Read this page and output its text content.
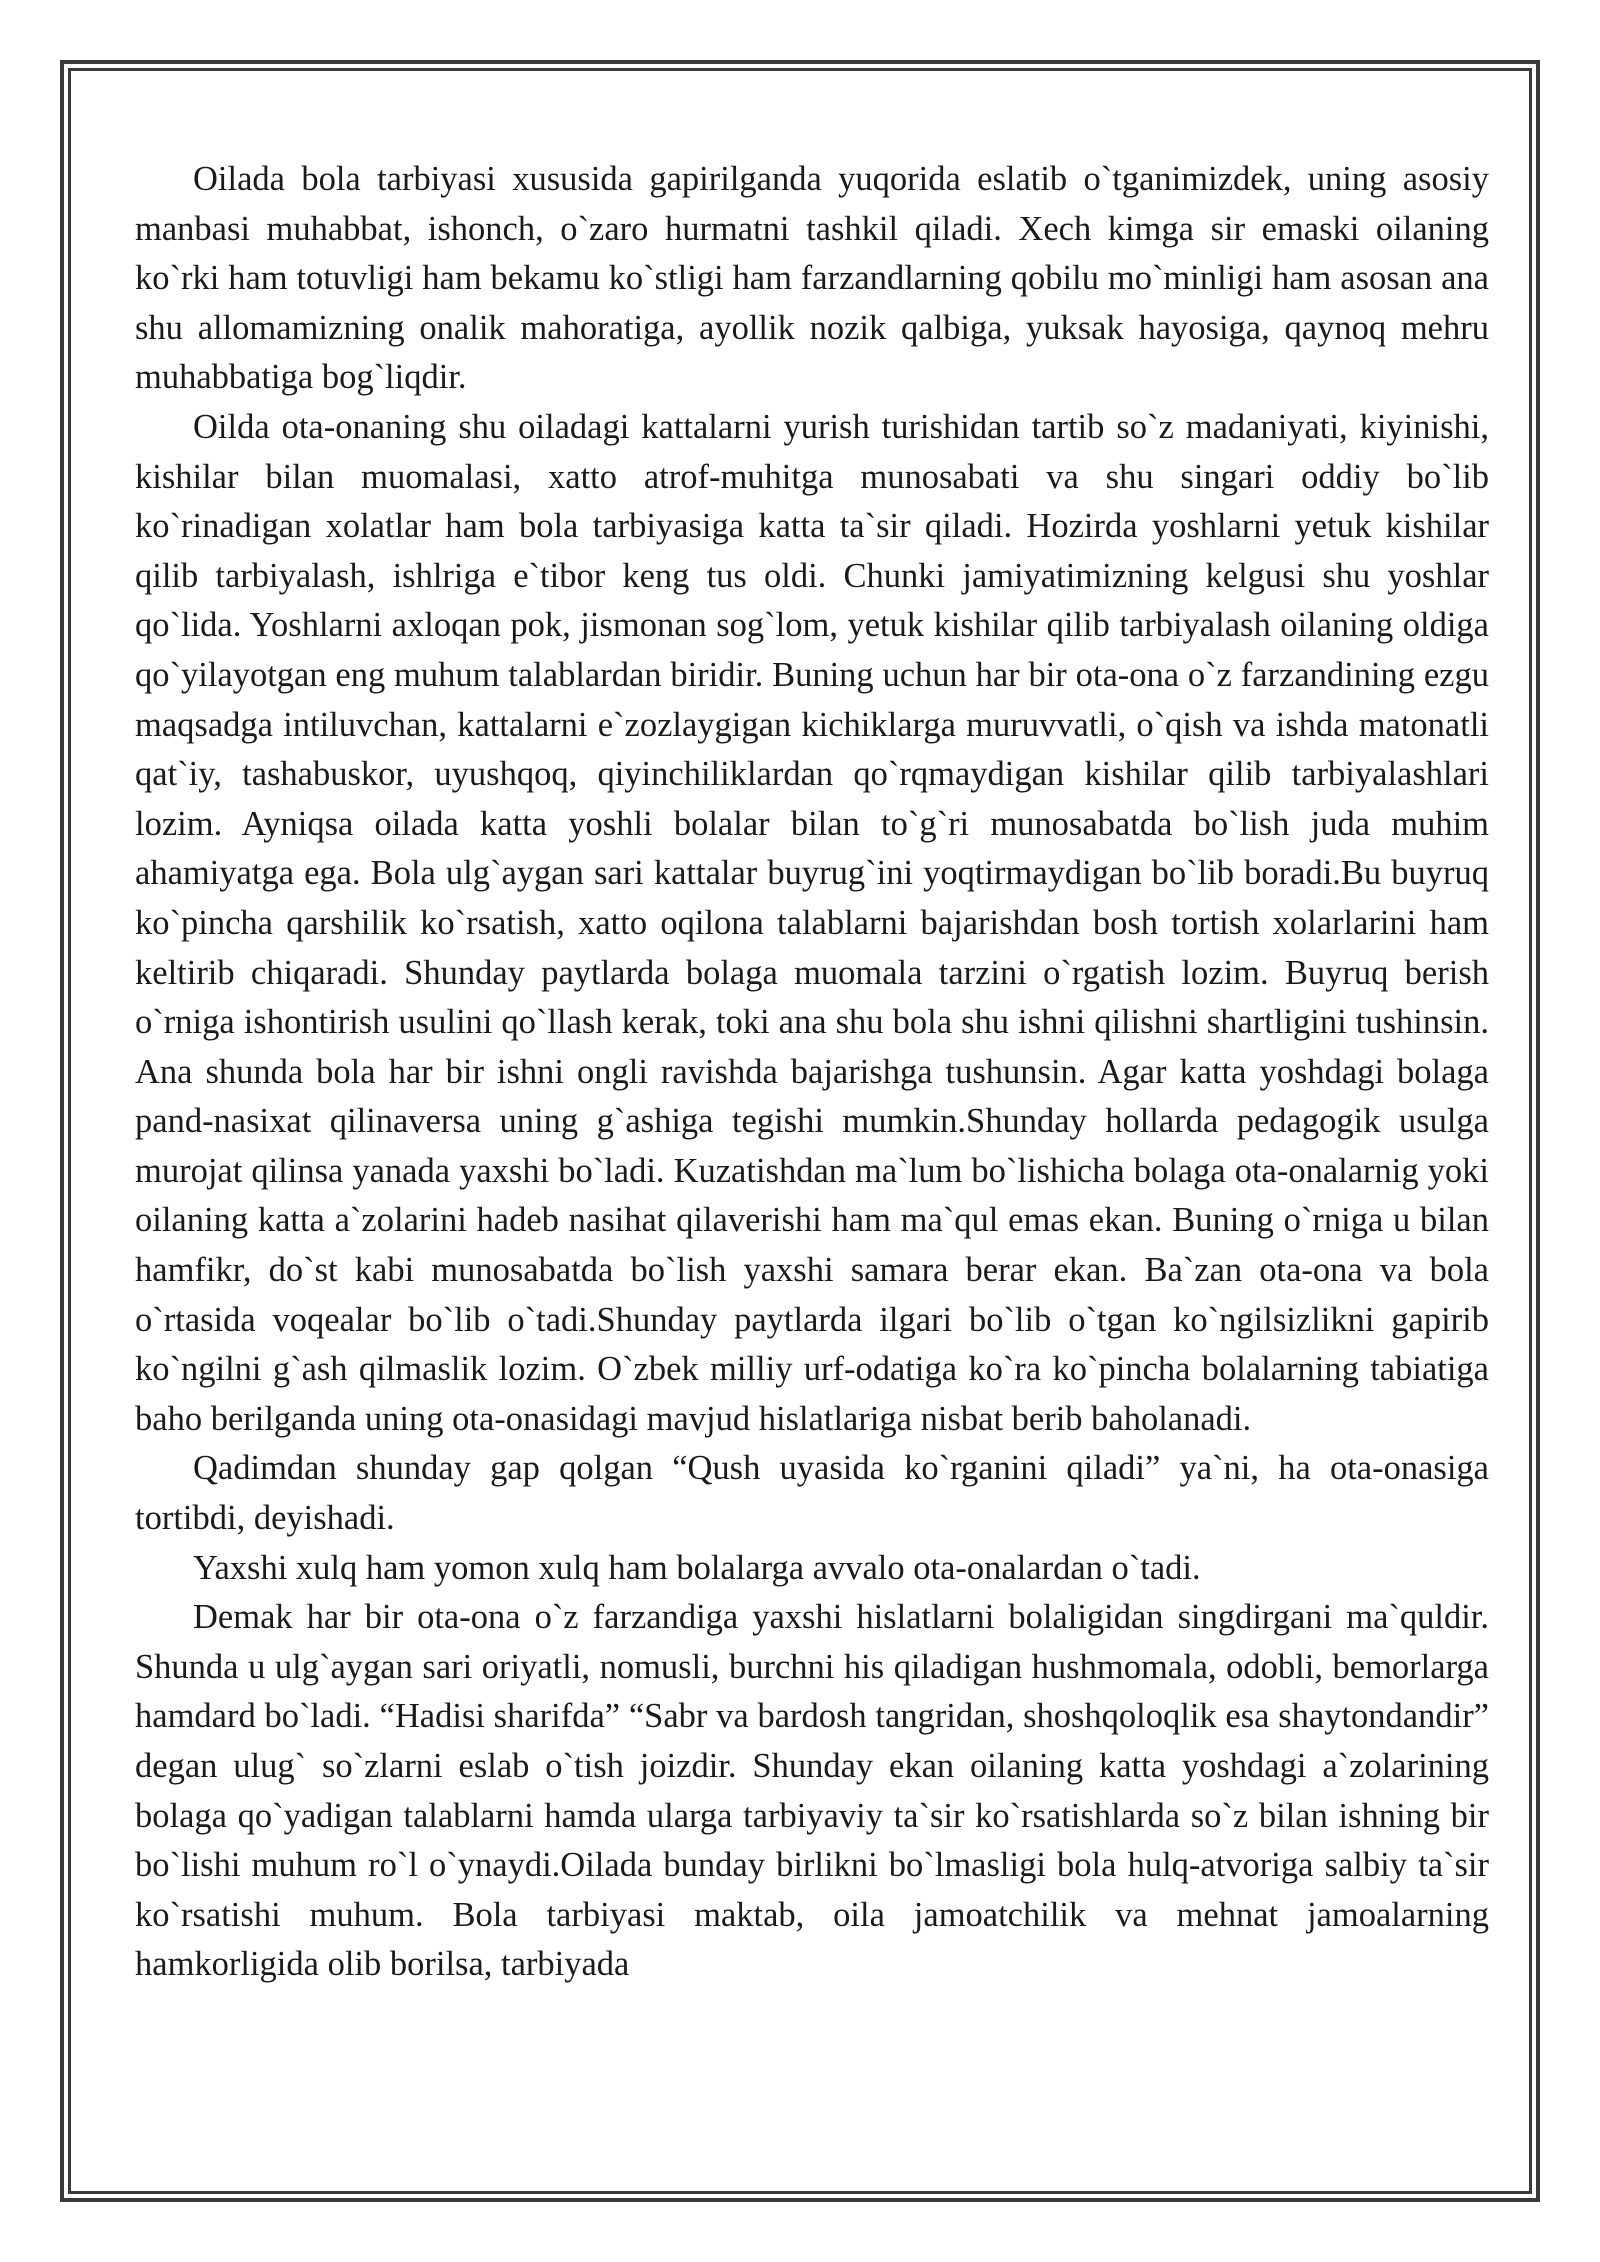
Oilada bola tarbiyasi xususida gapirilganda yuqorida eslatib o`tganimizdek, uning asosiy manbasi muhabbat, ishonch, o`zaro hurmatni tashkil qiladi. Xech kimga sir emaski oilaning ko`rki ham totuvligi ham bekamu ko`stligi ham farzandlarning qobilu mo`minligi ham asosan ana shu allomamizning onalik mahoratiga, ayollik nozik qalbiga, yuksak hayosiga, qaynoq mehru muhabbatiga bog`liqdir.

Oilda ota-onaning shu oiladagi kattalarni yurish turishidan tartib so`z madaniyati, kiyinishi, kishilar bilan muomalasi, xatto atrof-muhitga munosabati va shu singari oddiy bo`lib ko`rinadigan xolatlar ham bola tarbiyasiga katta ta`sir qiladi. Hozirda yoshlarni yetuk kishilar qilib tarbiyalash, ishlriga e`tibor keng tus oldi. Chunki jamiyatimizning kelgusi shu yoshlar qo`lida. Yoshlarni axloqan pok, jismonan sog`lom, yetuk kishilar qilib tarbiyalash oilaning oldiga qo`yilayotgan eng muhum talablardan biridir. Buning uchun har bir ota-ona o`z farzandining ezgu maqsadga intiluvchan, kattalarni e`zozlaygigan kichiklarga muruvvatli, o`qish va ishda matonatli qat`iy, tashabuskor, uyushqoq, qiyinchiliklardan qo`rqmaydigan kishilar qilib tarbiyalashlari lozim. Ayniqsa oilada katta yoshli bolalar bilan to`g`ri munosabatda bo`lish juda muhim ahamiyatga ega. Bola ulg`aygan sari kattalar buyrug`ini yoqtirmaydigan bo`lib boradi.Bu buyruq ko`pincha qarshilik ko`rsatish, xatto oqilona talablarni bajarishdan bosh tortish xolarlarini ham keltirib chiqaradi. Shunday paytlarda bolaga muomala tarzini o`rgatish lozim. Buyruq berish o`rniga ishontirish usulini qo`llash kerak, toki ana shu bola shu ishni qilishni shartligini tushinsin. Ana shunda bola har bir ishni ongli ravishda bajarishga tushunsin. Agar katta yoshdagi bolaga pand-nasixat qilinaversa uning g`ashiga tegishi mumkin.Shunday hollarda pedagogik usulga murojat qilinsa yanada yaxshi bo`ladi. Kuzatishdan ma`lum bo`lishicha bolaga ota-onalarnig yoki oilaning katta a`zolarini hadeb nasihat qilaverishi ham ma`qul emas ekan. Buning o`rniga u bilan hamfikr, do`st kabi munosabatda bo`lish yaxshi samara berar ekan. Ba`zan ota-ona va bola o`rtasida voqealar bo`lib o`tadi.Shunday paytlarda ilgari bo`lib o`tgan ko`ngilsizlikni gapirib ko`ngilni g`ash qilmaslik lozim. O`zbek milliy urf-odatiga ko`ra ko`pincha bolalarning tabiatiga baho berilganda uning ota-onasidagi mavjud hislatlariga nisbat berib baholanadi.

Qadimdan shunday gap qolgan “Qush uyasida ko`rganini qiladi” ya`ni, ha ota-onasiga tortibdi, deyishadi.

Yaxshi xulq ham yomon xulq ham bolalarga avvalo ota-onalardan o`tadi.

Demak har bir ota-ona o`z farzandiga yaxshi hislatlarni bolaligidan singdirgani ma`quldir. Shunda u ulg`aygan sari oriyatli, nomusli, burchni his qiladigan hushmomala, odobli, bemorlarga hamdard bo`ladi. “Hadisi sharifda” “Sabr va bardosh tangridan, shoshqoloqlik esa shaytondandir” degan ulug` so`zlarni eslab o`tish joizdir. Shunday ekan oilaning katta yoshdagi a`zolarining bolaga qo`yadigan talablarni hamda ularga tarbiyaviy ta`sir ko`rsatishlarda so`z bilan ishning bir bo`lishi muhum ro`l o`ynaydi.Oilada bunday birlikni bo`lmasligi bola hulq-atvoriga salbiy ta`sir ko`rsatishi muhum. Bola tarbiyasi maktab, oila jamoatchilik va mehnat jamoalarning hamkorligida olib borilsa, tarbiyada
